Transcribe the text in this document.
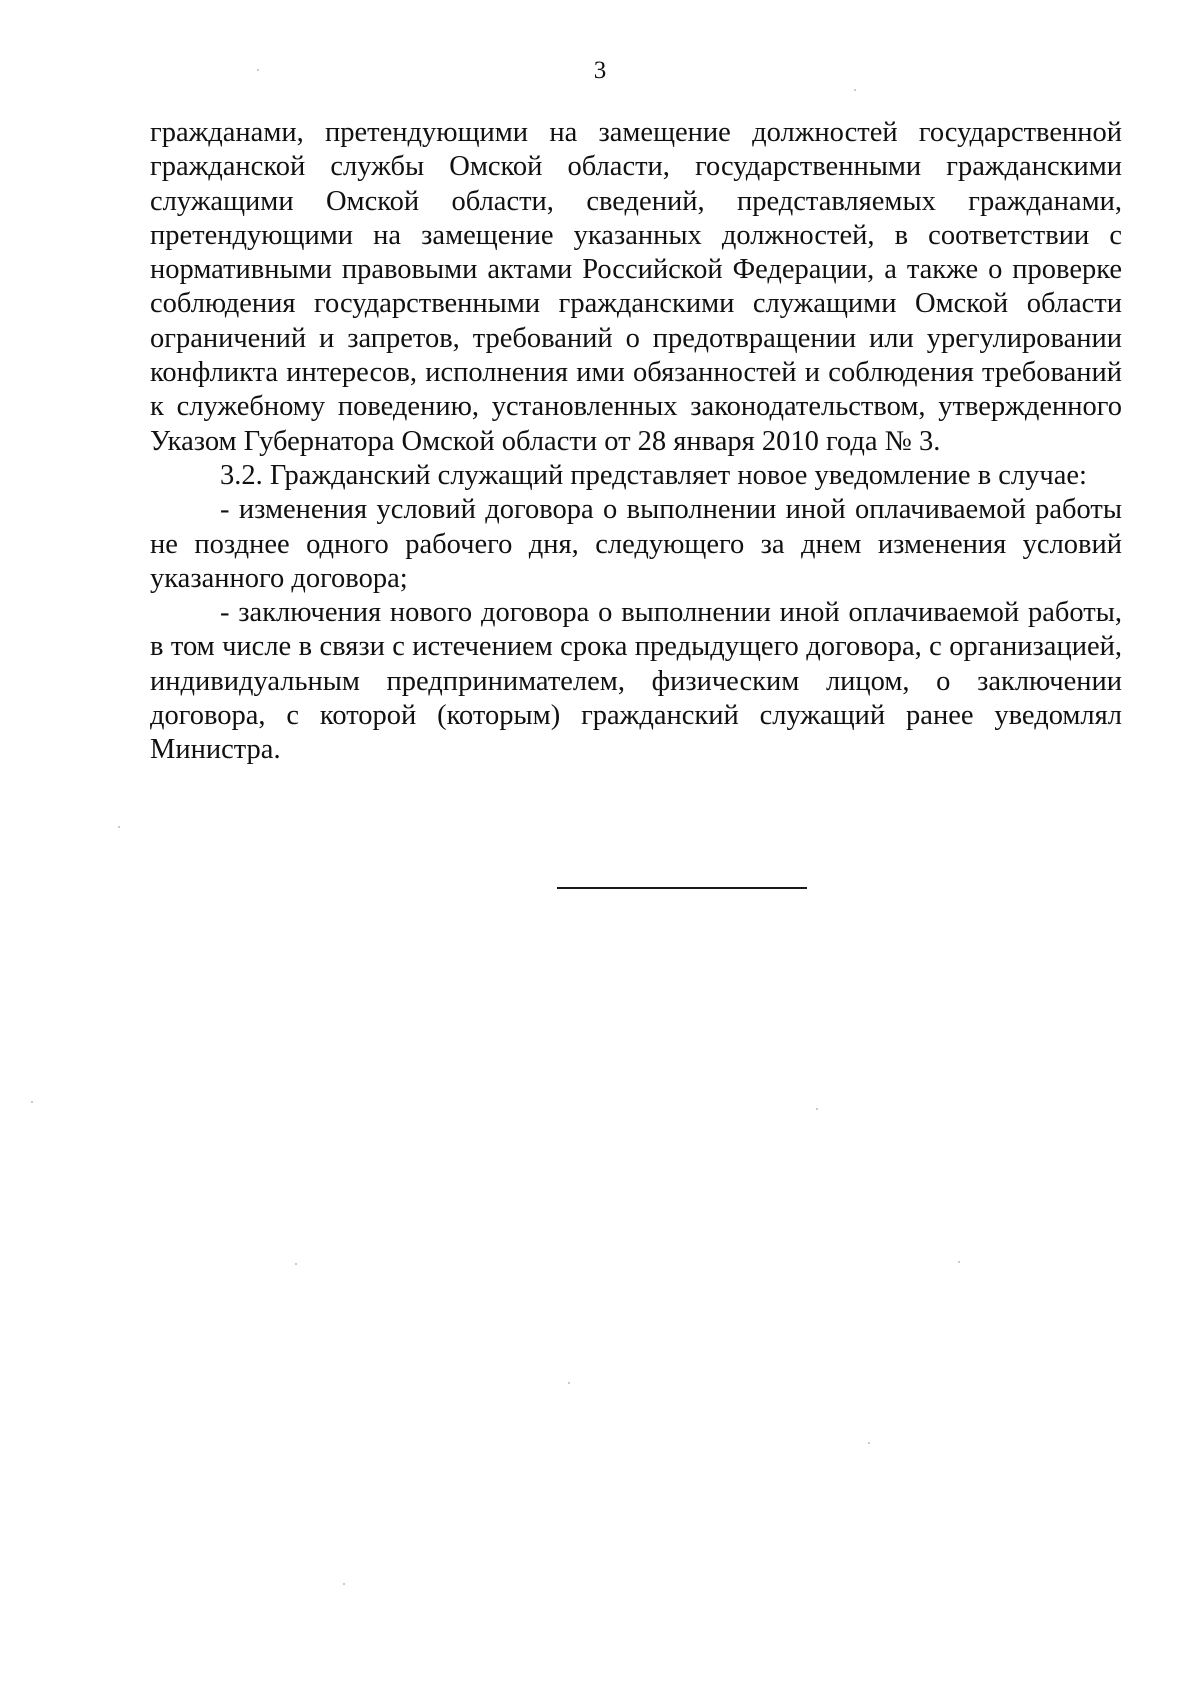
3

гражданами, претендующими на замещение должностей государственной гражданской службы Омской области, государственными гражданскими служащими Омской области, сведений, представляемых гражданами, претендующими на замещение указанных должностей, в соответствии с нормативными правовыми актами Российской Федерации, а также о проверке соблюдения государственными гражданскими служащими Омской области ограничений и запретов, требований о предотвращении или урегулировании конфликта интересов, исполнения ими обязанностей и соблюдения требований к служебному поведению, установленных законодательством, утвержденного Указом Губернатора Омской области от 28 января 2010 года № 3.

3.2. Гражданский служащий представляет новое уведомление в случае:

- изменения условий договора о выполнении иной оплачиваемой работы не позднее одного рабочего дня, следующего за днем изменения условий указанного договора;

- заключения нового договора о выполнении иной оплачиваемой работы, в том числе в связи с истечением срока предыдущего договора, с организацией, индивидуальным предпринимателем, физическим лицом, о заключении договора, с которой (которым) гражданский служащий ранее уведомлял Министра.
